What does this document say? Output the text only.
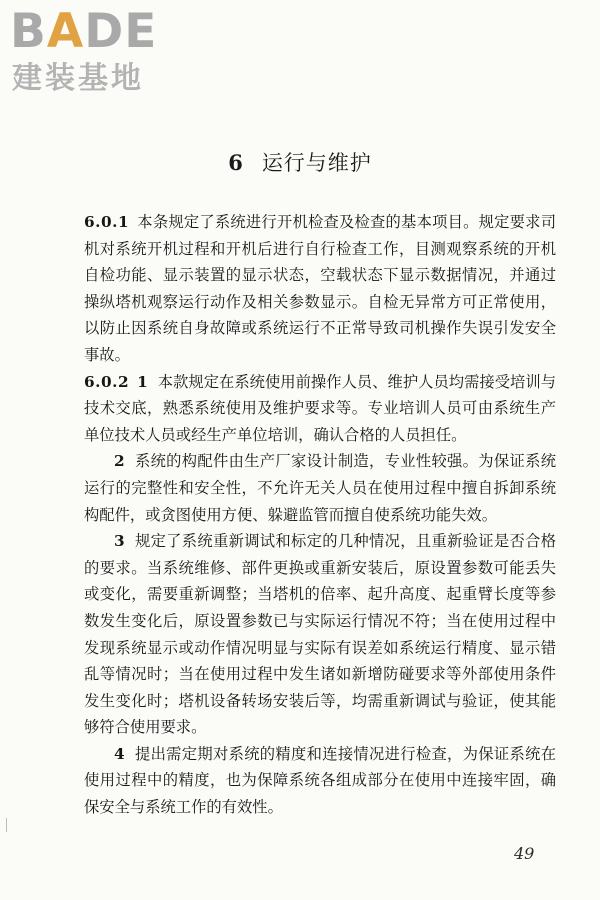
BADE
建装基地
6 运行与维护

6.0.1 本条规定了系统进行开机检查及检查的基本项目。规定要求司机对系统开机过程和开机后进行自行检查工作，目测观察系统的开机自检功能、显示装置的显示状态，空载状态下显示数据情况，并通过操纵塔机观察运行动作及相关参数显示。自检无异常方可正常使用，以防止因系统自身故障或系统运行不正常导致司机操作失误引发安全事故。

6.0.2 1 本款规定在系统使用前操作人员、维护人员均需接受培训与技术交底，熟悉系统使用及维护要求等。专业培训人员可由系统生产单位技术人员或经生产单位培训，确认合格的人员担任。

2 系统的构配件由生产厂家设计制造，专业性较强。为保证系统运行的完整性和安全性，不允许无关人员在使用过程中擅自拆卸系统构配件，或贪图使用方便、躲避监管而擅自使系统功能失效。

3 规定了系统重新调试和标定的几种情况，且重新验证是否合格的要求。当系统维修、部件更换或重新安装后，原设置参数可能丢失或变化，需要重新调整；当塔机的倍率、起升高度、起重臂长度等参数发生变化后，原设置参数已与实际运行情况不符；当在使用过程中发现系统显示或动作情况明显与实际有误差如系统运行精度、显示错乱等情况时；当在使用过程中发生诸如新增防碰要求等外部使用条件发生变化时；塔机设备转场安装后等，均需重新调试与验证，使其能够符合使用要求。

4 提出需定期对系统的精度和连接情况进行检查，为保证系统在使用过程中的精度，也为保障系统各组成部分在使用中连接牢固，确保安全与系统工作的有效性。

49
